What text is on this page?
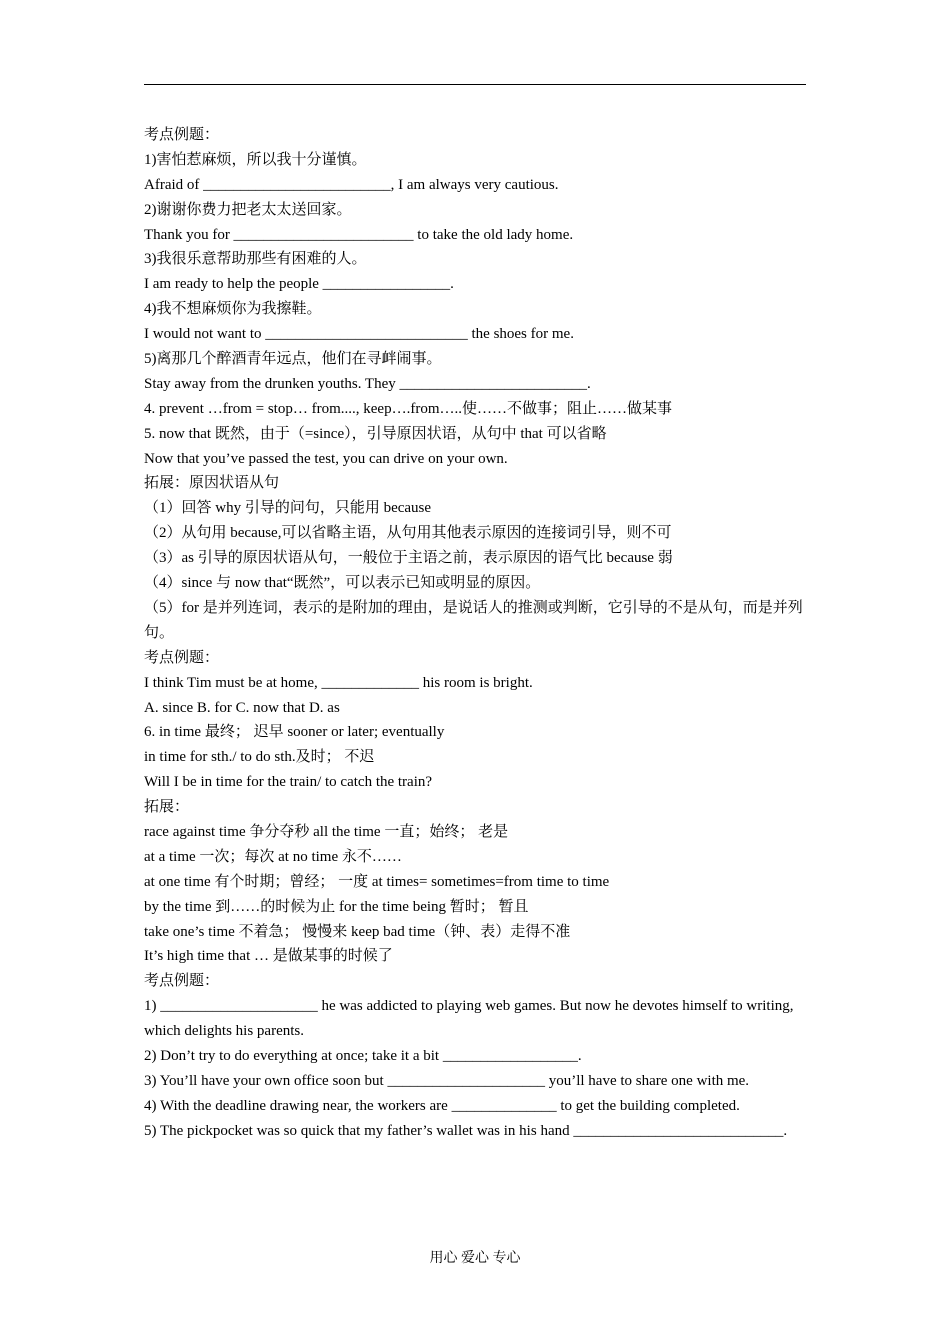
考点例题：
1)害怕惹麻烦，所以我十分谨慎。
Afraid of _________________________, I am always very cautious.
2)谢谢你费力把老太太送回家。
Thank you for ________________________ to take the old lady home.
3)我很乐意帮助那些有困难的人。
I am ready to help the people _________________.
4)我不想麻烦你为我擦鞋。
I would not want to ___________________________ the shoes for me.
5)离那几个醉酒青年远点，他们在寻衅闹事。
Stay away from the drunken youths. They _________________________.
4. prevent …from = stop… from...., keep….from…..使……不做事；阻止……做某事
5. now that 既然，由于（=since），引导原因状语，从句中 that 可以省略
Now that you’ve passed the test, you can drive on your own.
拓展：原因状语从句
（1）回答 why 引导的问句，只能用 because
（2）从句用 because,可以省略主语，从句用其他表示原因的连接词引导，则不可
（3）as 引导的原因状语从句，一般位于主语之前，表示原因的语气比 because 弱
（4）since 与 now that“既然”，可以表示已知或明显的原因。
（5）for 是并列连词，表示的是附加的理由，是说话人的推测或判断，它引导的不是从句，而是并列句。
考点例题：
I think Tim must be at home, _____________ his room is bright.
A. since B. for C. now that D. as
6. in time 最终； 迟早 sooner or later; eventually
in time for sth./ to do sth.及时； 不迟
Will I be in time for the train/ to catch the train?
拓展：
race against time 争分夺秒 all the time 一直；始终； 老是
at a time 一次；每次 at no time 永不……
at one time 有个时期；曾经； 一度 at times= sometimes=from time to time
by the time 到……的时候为止 for the time being 暂时； 暂且
take one’s time 不着急； 慢慢来 keep bad time（钟、表）走得不准
It’s high time that … 是做某事的时候了
考点例题：
1) _____________________ he was addicted to playing web games. But now he devotes himself to writing, which delights his parents.
2) Don’t try to do everything at once; take it a bit __________________.
3) You’ll have your own office soon but _____________________ you’ll have to share one with me.
4) With the deadline drawing near, the workers are ______________ to get the building completed.
5) The pickpocket was so quick that my father’s wallet was in his hand ____________________________.
用心 爱心 专心
